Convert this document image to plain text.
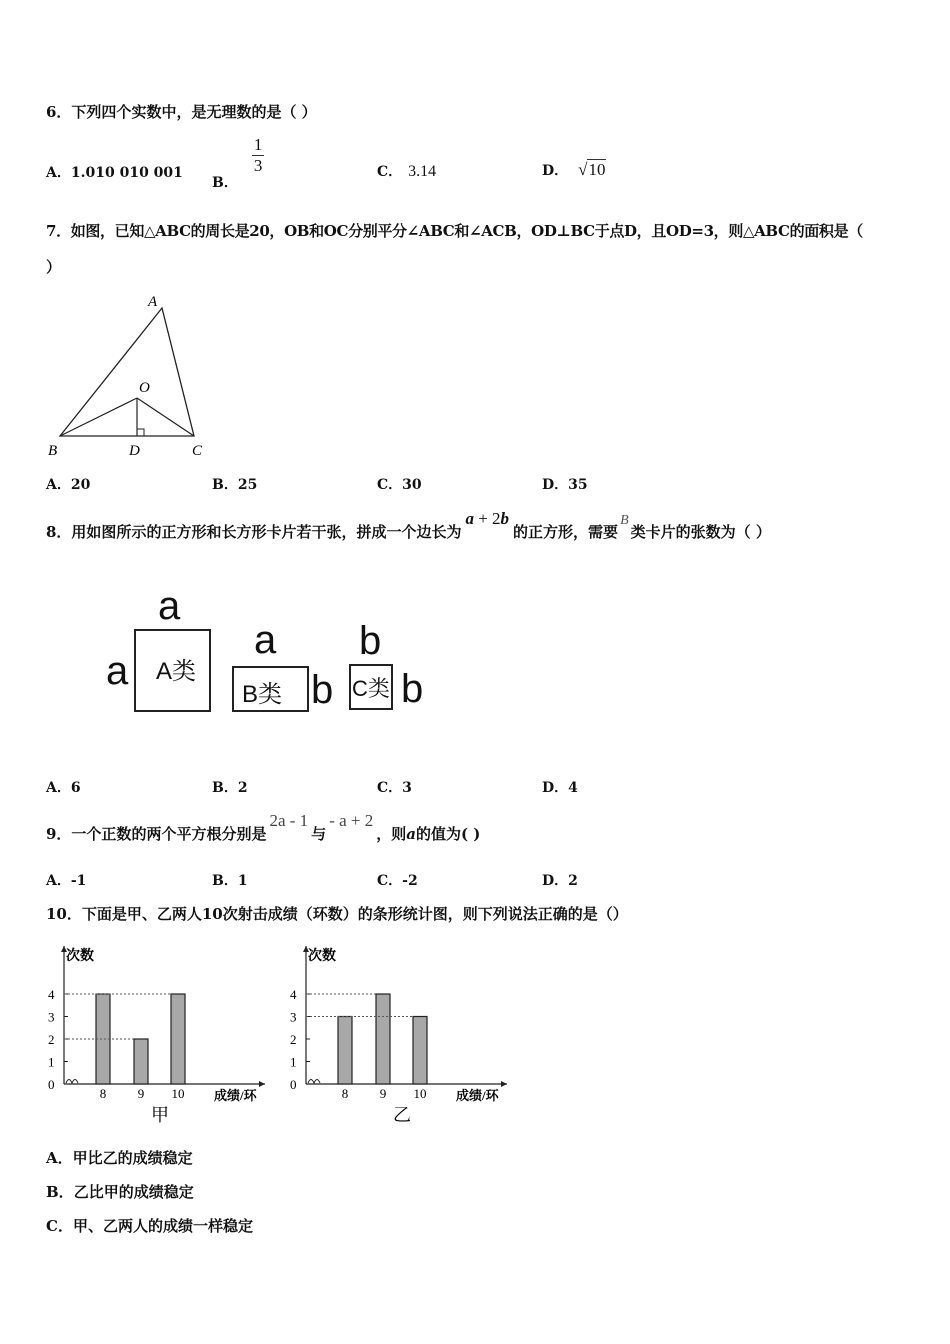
6．下列四个实数中，是无理数的是（ ）
A．1.010 010 001
B．
$\frac{1}{3}$	C． 3.14	D． √10
7．如图，已知△ABC的周长是20，OB和OC分别平分∠ABC和∠ACB，OD⊥BC于点D，且OD=3，则△ABC的面积是（
）
A
O
B	D	C
A．20	B．25	C．30	D．35
8．用如图所示的正方形和长方形卡片若干张，拼成一个边长为a + 2b的正方形，需要B类卡片的张数为（ ）
A类
a
a
B类
a
b C类
b
b
A．6	B．2	C．3	D．4
9．一个正数的两个平方根分别是2a - 1与- a + 2，则a的值为( )
A．-1	B．1	C．-2	D．2
10．下面是甲、乙两人10次射击成绩（环数）的条形统计图，则下列说法正确的是（）
次数
0
1
2
3
4
8 9 10 成绩/环
甲
次数
0
1
2
3
4
8 9 10 成绩/环
乙
A．甲比乙的成绩稳定
B．乙比甲的成绩稳定
C．甲、乙两人的成绩一样稳定
